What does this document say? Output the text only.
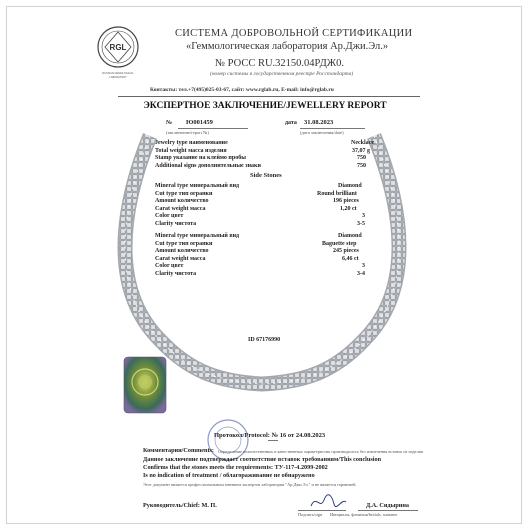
RGL
RUSSIAN GEMOLOGICAL
LABORATORY
СИСТЕМА ДОБРОВОЛЬНОЙ СЕРТИФИКАЦИИ
«Геммологическая лаборатория Ар.Джи.Эл.»
№ РОСС RU.32150.04РДЖ0.
(номер системы в государственном реестре Росстандарта)
Контакты: тел.+7(495)025-03-67, сайт: www.rglab.ru, E-mail: info@rglab.ru
ЭКСПЕРТНОЕ ЗАКЛЮЧЕНИЕ/JEWELLERY REPORT
№ Ю001459
(заключение/report №)
дата 31.08.2023
(дата заключения/date)
Jewelry type наименование	Necklace
Total weight масса изделия	37,07 g
Stamp указание на клеймо пробы	750
Additional signs дополнительные знаки	750
Side Stones
Mineral type минеральный вид	Diamond
Cut type тип огранки	Round brilliant
Amount количество	196 pieces
Carat weight масса	1,20 ct
Color цвет	3
Clarity чистота	3-5
Mineral type минеральный вид	Diamond
Cut type тип огранки	Baguette step
Amount количество	245 pieces
Carat weight масса	6,46 ct
Color цвет	3
Clarity чистота	3-4
ID 67176990
Протокол/Protocol: № 16 от 24.08.2023
Комментарии/Comments: Определение количественных и качественных характеристик производилось без извлечения вставок из изделия
Данное заключение подтверждает соответствие вставок требованиям/This conclusion
Confirms that the stones meets the requirements: ТУ-117-4.2099-2002
Is no indication of treatment / облагораживание не обнаружено
Этот документ является профессиональным мнением экспертов лаборатории "Ар.Джи.Эл." и не является гарантией.
Руководитель/Chief: М. П.	Д.А. Сидырина
Подпись/sign Инициалы, фамилия/Initials, surname
